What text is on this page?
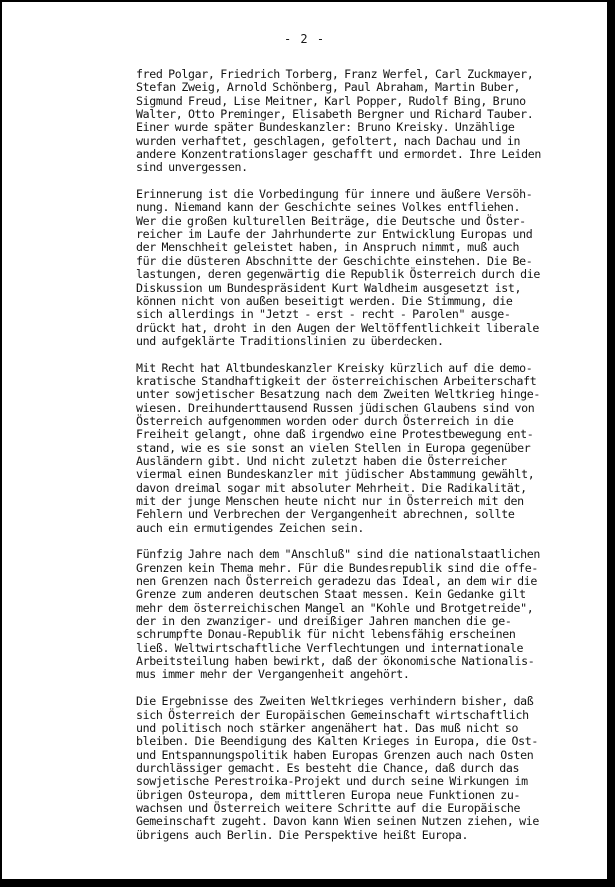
- 2 -
fred Polgar, Friedrich Torberg, Franz Werfel, Carl Zuckmayer,
Stefan Zweig, Arnold Schönberg, Paul Abraham, Martin Buber,
Sigmund Freud, Lise Meitner, Karl Popper, Rudolf Bing, Bruno
Walter, Otto Preminger, Elisabeth Bergner und Richard Tauber.
Einer wurde später Bundeskanzler: Bruno Kreisky. Unzählige
wurden verhaftet, geschlagen, gefoltert, nach Dachau und in
andere Konzentrationslager geschafft und ermordet. Ihre Leiden
sind unvergessen.
Erinnerung ist die Vorbedingung für innere und äußere Versöh-
nung. Niemand kann der Geschichte seines Volkes entfliehen.
Wer die großen kulturellen Beiträge, die Deutsche und Öster-
reicher im Laufe der Jahrhunderte zur Entwicklung Europas und
der Menschheit geleistet haben, in Anspruch nimmt, muß auch
für die düsteren Abschnitte der Geschichte einstehen. Die Be-
lastungen, deren gegenwärtig die Republik Österreich durch die
Diskussion um Bundespräsident Kurt Waldheim ausgesetzt ist,
können nicht von außen beseitigt werden. Die Stimmung, die
sich allerdings in "Jetzt - erst - recht - Parolen" ausge-
drückt hat, droht in den Augen der Weltöffentlichkeit liberale
und aufgeklärte Traditionslinien zu überdecken.
Mit Recht hat Altbundeskanzler Kreisky kürzlich auf die demo-
kratische Standhaftigkeit der österreichischen Arbeiterschaft
unter sowjetischer Besatzung nach dem Zweiten Weltkrieg hinge-
wiesen. Dreihunderttausend Russen jüdischen Glaubens sind von
Österreich aufgenommen worden oder durch Österreich in die
Freiheit gelangt, ohne daß irgendwo eine Protestbewegung ent-
stand, wie es sie sonst an vielen Stellen in Europa gegenüber
Ausländern gibt. Und nicht zuletzt haben die Österreicher
viermal einen Bundeskanzler mit jüdischer Abstammung gewählt,
davon dreimal sogar mit absoluter Mehrheit. Die Radikalität,
mit der junge Menschen heute nicht nur in Österreich mit den
Fehlern und Verbrechen der Vergangenheit abrechnen, sollte
auch ein ermutigendes Zeichen sein.
Fünfzig Jahre nach dem "Anschluß" sind die nationalstaatlichen
Grenzen kein Thema mehr. Für die Bundesrepublik sind die offe-
nen Grenzen nach Österreich geradezu das Ideal, an dem wir die
Grenze zum anderen deutschen Staat messen. Kein Gedanke gilt
mehr dem österreichischen Mangel an "Kohle und Brotgetreide",
der in den zwanziger- und dreißiger Jahren manchen die ge-
schrumpfte Donau-Republik für nicht lebensfähig erscheinen
ließ. Weltwirtschaftliche Verflechtungen und internationale
Arbeitsteilung haben bewirkt, daß der ökonomische Nationalis-
mus immer mehr der Vergangenheit angehört.
Die Ergebnisse des Zweiten Weltkrieges verhindern bisher, daß
sich Österreich der Europäischen Gemeinschaft wirtschaftlich
und politisch noch stärker angenähert hat. Das muß nicht so
bleiben. Die Beendigung des Kalten Krieges in Europa, die Ost-
und Entspannungspolitik haben Europas Grenzen auch nach Osten
durchlässiger gemacht. Es besteht die Chance, daß durch das
sowjetische Perestroika-Projekt und durch seine Wirkungen im
übrigen Osteuropa, dem mittleren Europa neue Funktionen zu-
wachsen und Österreich weitere Schritte auf die Europäische
Gemeinschaft zugeht. Davon kann Wien seinen Nutzen ziehen, wie
übrigens auch Berlin. Die Perspektive heißt Europa.
